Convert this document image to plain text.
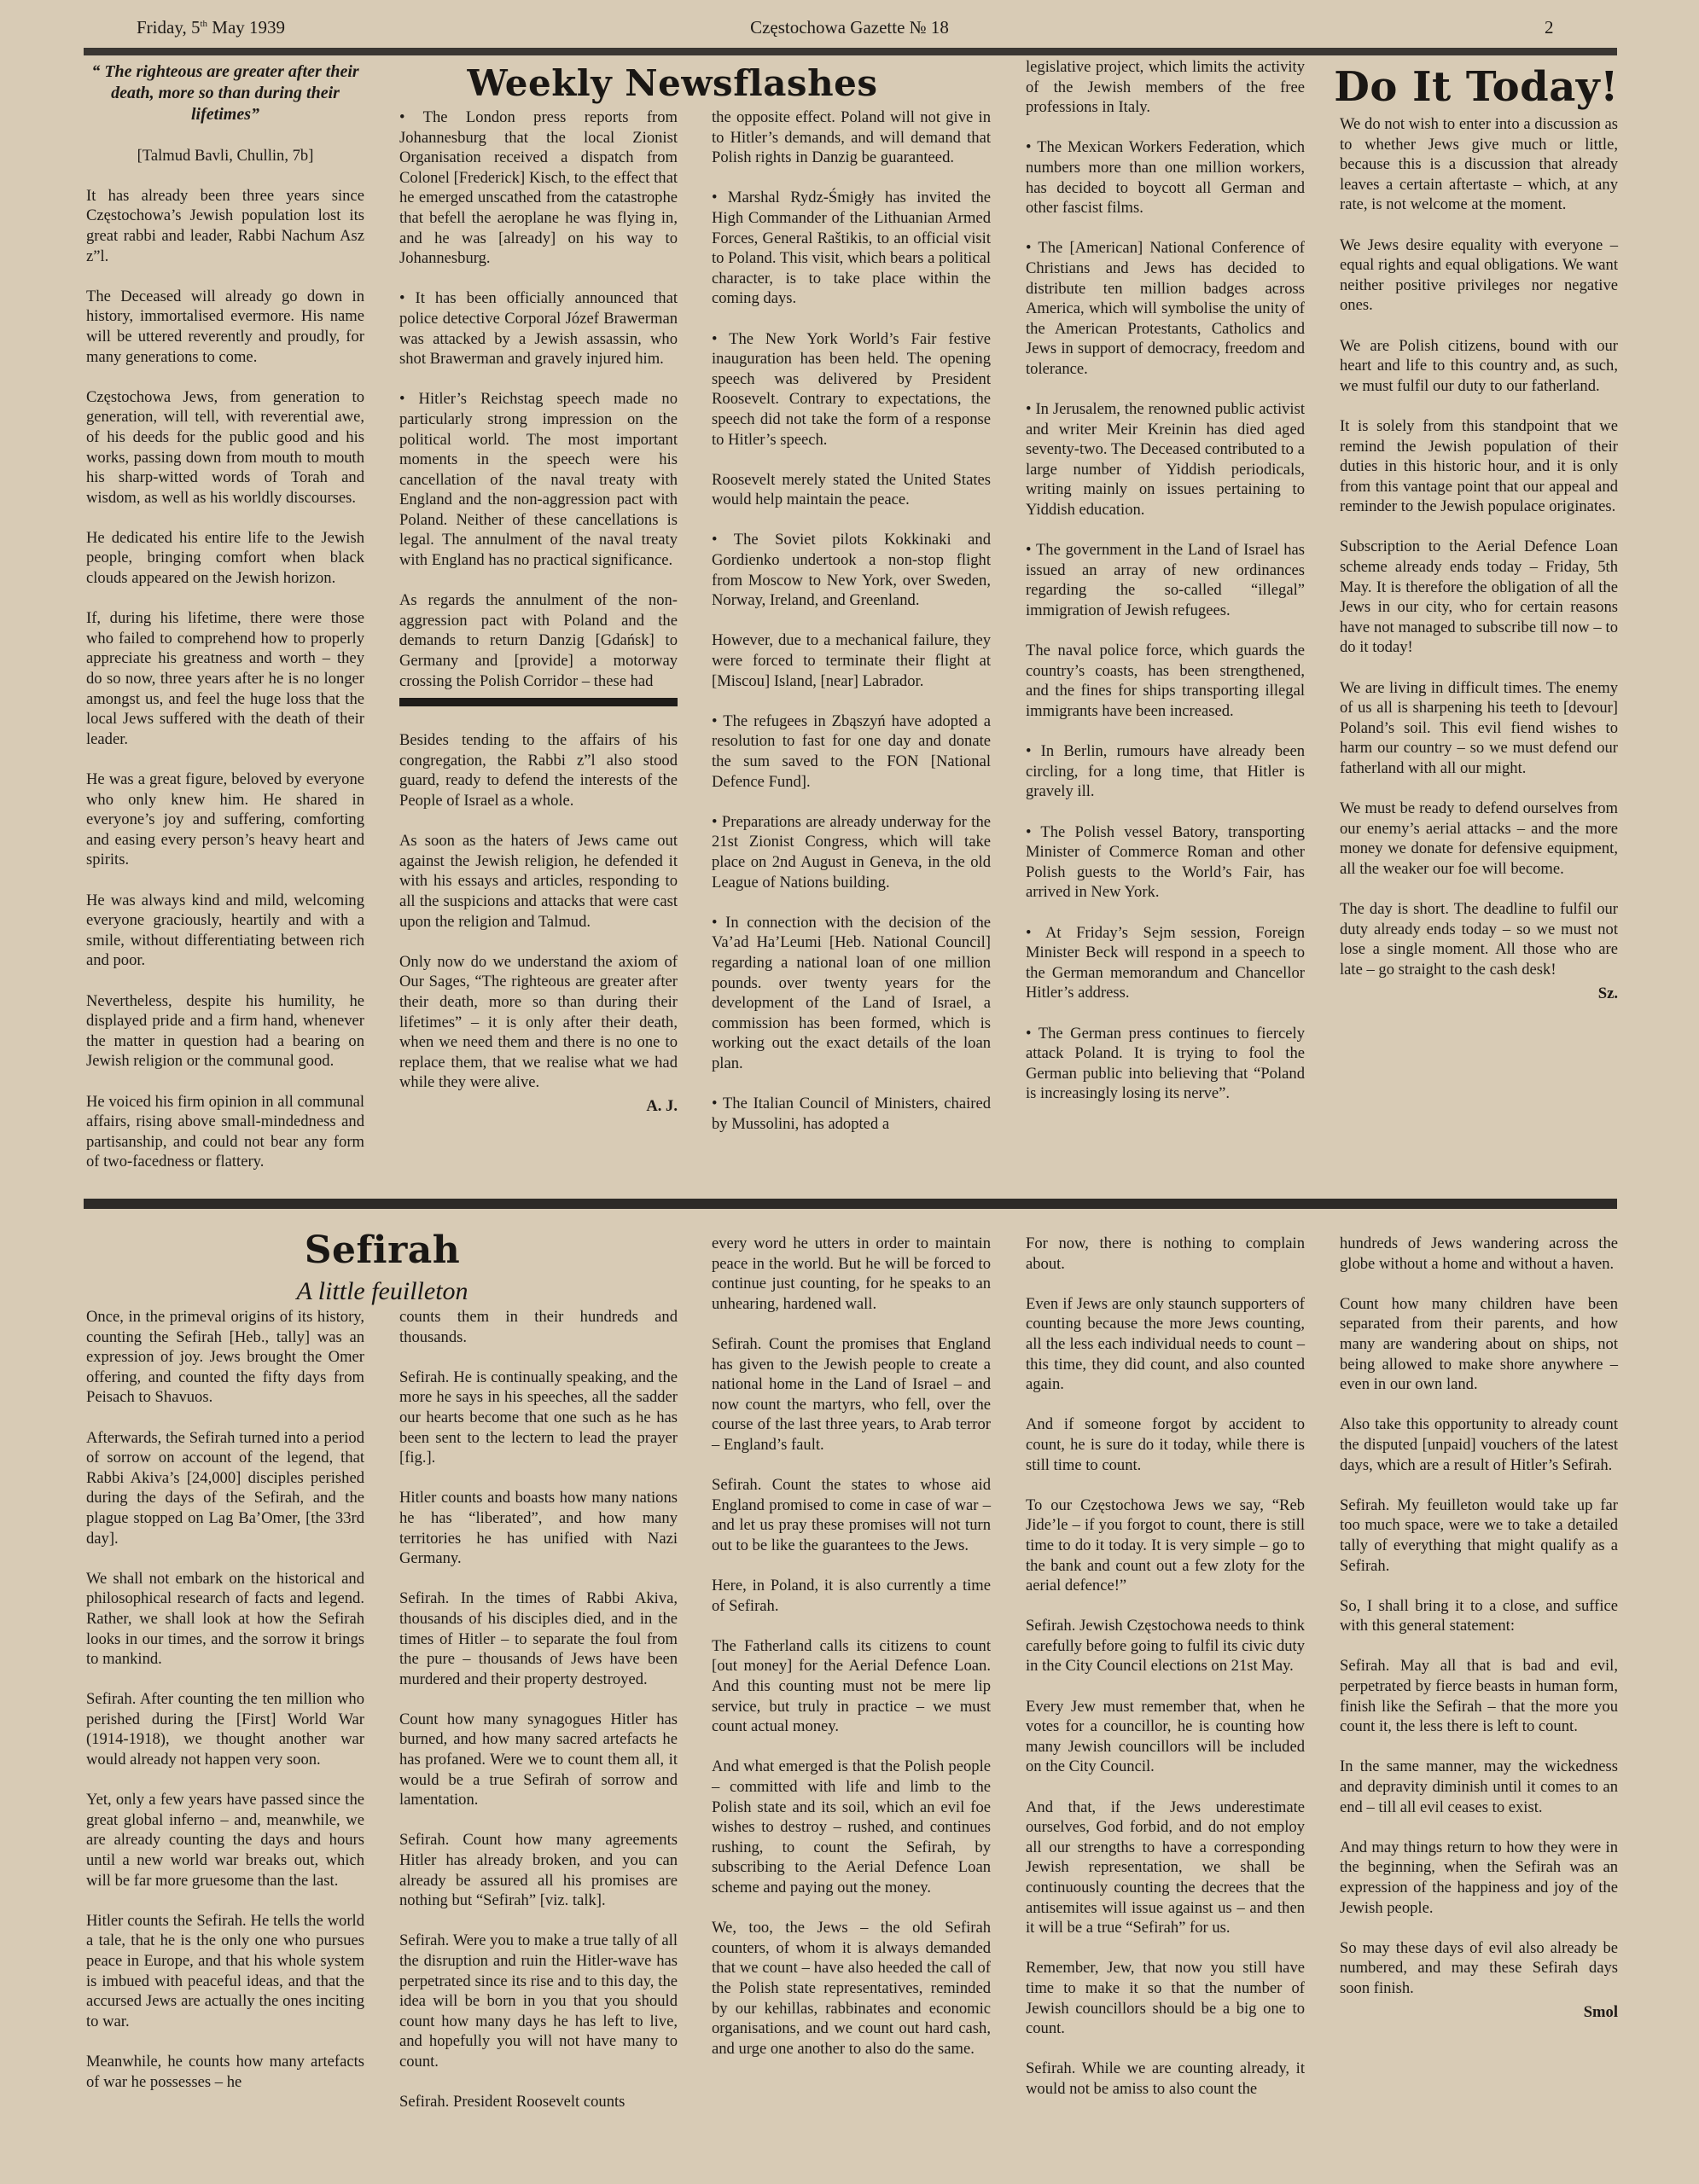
Friday, 5th May 1939	Częstochowa Gazette № 18	2

“ The righteous are greater after their death, more so than during their lifetimes”

[Talmud Bavli, Chullin, 7b]

It has already been three years since Częstochowa’s Jewish population lost its great rabbi and leader, Rabbi Nachum Asz z”l.

The Deceased will already go down in history, immortalised evermore. His name will be uttered reverently and proudly, for many generations to come.

Częstochowa Jews, from generation to generation, will tell, with reverential awe, of his deeds for the public good and his works, passing down from mouth to mouth his sharp-witted words of Torah and wisdom, as well as his worldly discourses.

He dedicated his entire life to the Jewish people, bringing comfort when black clouds appeared on the Jewish horizon.

If, during his lifetime, there were those who failed to comprehend how to properly appreciate his greatness and worth – they do so now, three years after he is no longer amongst us, and feel the huge loss that the local Jews suffered with the death of their leader.

He was a great figure, beloved by everyone who only knew him. He shared in everyone’s joy and suffering, comforting and easing every person’s heavy heart and spirits.

He was always kind and mild, welcoming everyone graciously, heartily and with a smile, without differentiating between rich and poor.

Nevertheless, despite his humility, he displayed pride and a firm hand, whenever the matter in question had a bearing on Jewish religion or the communal good.

He voiced his firm opinion in all communal affairs, rising above small-mindedness and partisanship, and could not bear any form of two-facedness or flattery.

Weekly Newsflashes

• The London press reports from Johannesburg that the local Zionist Organisation received a dispatch from Colonel [Frederick] Kisch, to the effect that he emerged unscathed from the catastrophe that befell the aeroplane he was flying in, and he was [already] on his way to Johannesburg.

• It has been officially announced that police detective Corporal Józef Brawerman was attacked by a Jewish assassin, who shot Brawerman and gravely injured him.

• Hitler’s Reichstag speech made no particularly strong impression on the political world. The most important moments in the speech were his cancellation of the naval treaty with England and the non-aggression pact with Poland. Neither of these cancellations is legal. The annulment of the naval treaty with England has no practical significance.

As regards the annulment of the non-aggression pact with Poland and the demands to return Danzig [Gdańsk] to Germany and [provide] a motorway crossing the Polish Corridor – these had

Besides tending to the affairs of his congregation, the Rabbi z”l also stood guard, ready to defend the interests of the People of Israel as a whole.

As soon as the haters of Jews came out against the Jewish religion, he defended it with his essays and articles, responding to all the suspicions and attacks that were cast upon the religion and Talmud.

Only now do we understand the axiom of Our Sages, “The righteous are greater after their death, more so than during their lifetimes” – it is only after their death, when we need them and there is no one to replace them, that we realise what we had while they were alive.

A. J.

the opposite effect. Poland will not give in to Hitler’s demands, and will demand that Polish rights in Danzig be guaranteed.

• Marshal Rydz-Śmigły has invited the High Commander of the Lithuanian Armed Forces, General Raštikis, to an official visit to Poland. This visit, which bears a political character, is to take place within the coming days.

• The New York World’s Fair festive inauguration has been held. The opening speech was delivered by President Roosevelt. Contrary to expectations, the speech did not take the form of a response to Hitler’s speech.

Roosevelt merely stated the United States would help maintain the peace.

• The Soviet pilots Kokkinaki and Gordienko undertook a non-stop flight from Moscow to New York, over Sweden, Norway, Ireland, and Greenland.

However, due to a mechanical failure, they were forced to terminate their flight at [Miscou] Island, [near] Labrador.

• The refugees in Zbąszyń have adopted a resolution to fast for one day and donate the sum saved to the FON [National Defence Fund].

• Preparations are already underway for the 21st Zionist Congress, which will take place on 2nd August in Geneva, in the old League of Nations building.

• In connection with the decision of the Va’ad Ha’Leumi [Heb. National Council] regarding a national loan of one million pounds. over twenty years for the development of the Land of Israel, a commission has been formed, which is working out the exact details of the loan plan.

• The Italian Council of Ministers, chaired by Mussolini, has adopted a

legislative project, which limits the activity of the Jewish members of the free professions in Italy.

• The Mexican Workers Federation, which numbers more than one million workers, has decided to boycott all German and other fascist films.

• The [American] National Conference of Christians and Jews has decided to distribute ten million badges across America, which will symbolise the unity of the American Protestants, Catholics and Jews in support of democracy, freedom and tolerance.

• In Jerusalem, the renowned public activist and writer Meir Kreinin has died aged seventy-two. The Deceased contributed to a large number of Yiddish periodicals, writing mainly on issues pertaining to Yiddish education.

• The government in the Land of Israel has issued an array of new ordinances regarding the so-called “illegal” immigration of Jewish refugees.

The naval police force, which guards the country’s coasts, has been strengthened, and the fines for ships transporting illegal immigrants have been increased.

• In Berlin, rumours have already been circling, for a long time, that Hitler is gravely ill.

• The Polish vessel Batory, transporting Minister of Commerce Roman and other Polish guests to the World’s Fair, has arrived in New York.

• At Friday’s Sejm session, Foreign Minister Beck will respond in a speech to the German memorandum and Chancellor Hitler’s address.

• The German press continues to fiercely attack Poland. It is trying to fool the German public into believing that “Poland is increasingly losing its nerve”.

Do It Today!

We do not wish to enter into a discussion as to whether Jews give much or little, because this is a discussion that already leaves a certain aftertaste – which, at any rate, is not welcome at the moment.

We Jews desire equality with everyone – equal rights and equal obligations. We want neither positive privileges nor negative ones.

We are Polish citizens, bound with our heart and life to this country and, as such, we must fulfil our duty to our fatherland.

It is solely from this standpoint that we remind the Jewish population of their duties in this historic hour, and it is only from this vantage point that our appeal and reminder to the Jewish populace originates.

Subscription to the Aerial Defence Loan scheme already ends today – Friday, 5th May. It is therefore the obligation of all the Jews in our city, who for certain reasons have not managed to subscribe till now – to do it today!

We are living in difficult times. The enemy of us all is sharpening his teeth to [devour] Poland’s soil. This evil fiend wishes to harm our country – so we must defend our fatherland with all our might.

We must be ready to defend ourselves from our enemy’s aerial attacks – and the more money we donate for defensive equipment, all the weaker our foe will become.

The day is short. The deadline to fulfil our duty already ends today – so we must not lose a single moment. All those who are late – go straight to the cash desk!

Sz.
Sefirah
A little feuilleton

Once, in the primeval origins of its history, counting the Sefirah [Heb., tally] was an expression of joy. Jews brought the Omer offering, and counted the fifty days from Peisach to Shavuos.

Afterwards, the Sefirah turned into a period of sorrow on account of the legend, that Rabbi Akiva’s [24,000] disciples perished during the days of the Sefirah, and the plague stopped on Lag Ba’Omer, [the 33rd day].

We shall not embark on the historical and philosophical research of facts and legend. Rather, we shall look at how the Sefirah looks in our times, and the sorrow it brings to mankind.

Sefirah. After counting the ten million who perished during the [First] World War (1914-1918), we thought another war would already not happen very soon.

Yet, only a few years have passed since the great global inferno – and, meanwhile, we are already counting the days and hours until a new world war breaks out, which will be far more gruesome than the last.

Hitler counts the Sefirah. He tells the world a tale, that he is the only one who pursues peace in Europe, and that his whole system is imbued with peaceful ideas, and that the accursed Jews are actually the ones inciting to war.

Meanwhile, he counts how many artefacts of war he possesses – he

counts them in their hundreds and thousands.

Sefirah. He is continually speaking, and the more he says in his speeches, all the sadder our hearts become that one such as he has been sent to the lectern to lead the prayer [fig.].

Hitler counts and boasts how many nations he has “liberated”, and how many territories he has unified with Nazi Germany.

Sefirah. In the times of Rabbi Akiva, thousands of his disciples died, and in the times of Hitler – to separate the foul from the pure – thousands of Jews have been murdered and their property destroyed.

Count how many synagogues Hitler has burned, and how many sacred artefacts he has profaned. Were we to count them all, it would be a true Sefirah of sorrow and lamentation.

Sefirah. Count how many agreements Hitler has already broken, and you can already be assured all his promises are nothing but “Sefirah” [viz. talk].

Sefirah. Were you to make a true tally of all the disruption and ruin the Hitler-wave has perpetrated since its rise and to this day, the idea will be born in you that you should count how many days he has left to live, and hopefully you will not have many to count.

Sefirah. President Roosevelt counts

every word he utters in order to maintain peace in the world. But he will be forced to continue just counting, for he speaks to an unhearing, hardened wall.

Sefirah. Count the promises that England has given to the Jewish people to create a national home in the Land of Israel – and now count the martyrs, who fell, over the course of the last three years, to Arab terror – England’s fault.

Sefirah. Count the states to whose aid England promised to come in case of war – and let us pray these promises will not turn out to be like the guarantees to the Jews.

Here, in Poland, it is also currently a time of Sefirah.

The Fatherland calls its citizens to count [out money] for the Aerial Defence Loan. And this counting must not be mere lip service, but truly in practice – we must count actual money.

And what emerged is that the Polish people – committed with life and limb to the Polish state and its soil, which an evil foe wishes to destroy – rushed, and continues rushing, to count the Sefirah, by subscribing to the Aerial Defence Loan scheme and paying out the money.

We, too, the Jews – the old Sefirah counters, of whom it is always demanded that we count – have also heeded the call of the Polish state representatives, reminded by our kehillas, rabbinates and economic organisations, and we count out hard cash, and urge one another to also do the same.

For now, there is nothing to complain about.

Even if Jews are only staunch supporters of counting because the more Jews counting, all the less each individual needs to count – this time, they did count, and also counted again.

And if someone forgot by accident to count, he is sure do it today, while there is still time to count.

To our Częstochowa Jews we say, “Reb Jide’le – if you forgot to count, there is still time to do it today. It is very simple – go to the bank and count out a few zloty for the aerial defence!”

Sefirah. Jewish Częstochowa needs to think carefully before going to fulfil its civic duty in the City Council elections on 21st May.

Every Jew must remember that, when he votes for a councillor, he is counting how many Jewish councillors will be included on the City Council.

And that, if the Jews underestimate ourselves, God forbid, and do not employ all our strengths to have a corresponding Jewish representation, we shall be continuously counting the decrees that the antisemites will issue against us – and then it will be a true “Sefirah” for us.

Remember, Jew, that now you still have time to make it so that the number of Jewish councillors should be a big one to count.

Sefirah. While we are counting already, it would not be amiss to also count the

hundreds of Jews wandering across the globe without a home and without a haven.

Count how many children have been separated from their parents, and how many are wandering about on ships, not being allowed to make shore anywhere – even in our own land.

Also take this opportunity to already count the disputed [unpaid] vouchers of the latest days, which are a result of Hitler’s Sefirah.

Sefirah. My feuilleton would take up far too much space, were we to take a detailed tally of everything that might qualify as a Sefirah.

So, I shall bring it to a close, and suffice with this general statement:

Sefirah. May all that is bad and evil, perpetrated by fierce beasts in human form, finish like the Sefirah – that the more you count it, the less there is left to count.

In the same manner, may the wickedness and depravity diminish until it comes to an end – till all evil ceases to exist.

And may things return to how they were in the beginning, when the Sefirah was an expression of the happiness and joy of the Jewish people.

So may these days of evil also already be numbered, and may these Sefirah days soon finish.

Smol
